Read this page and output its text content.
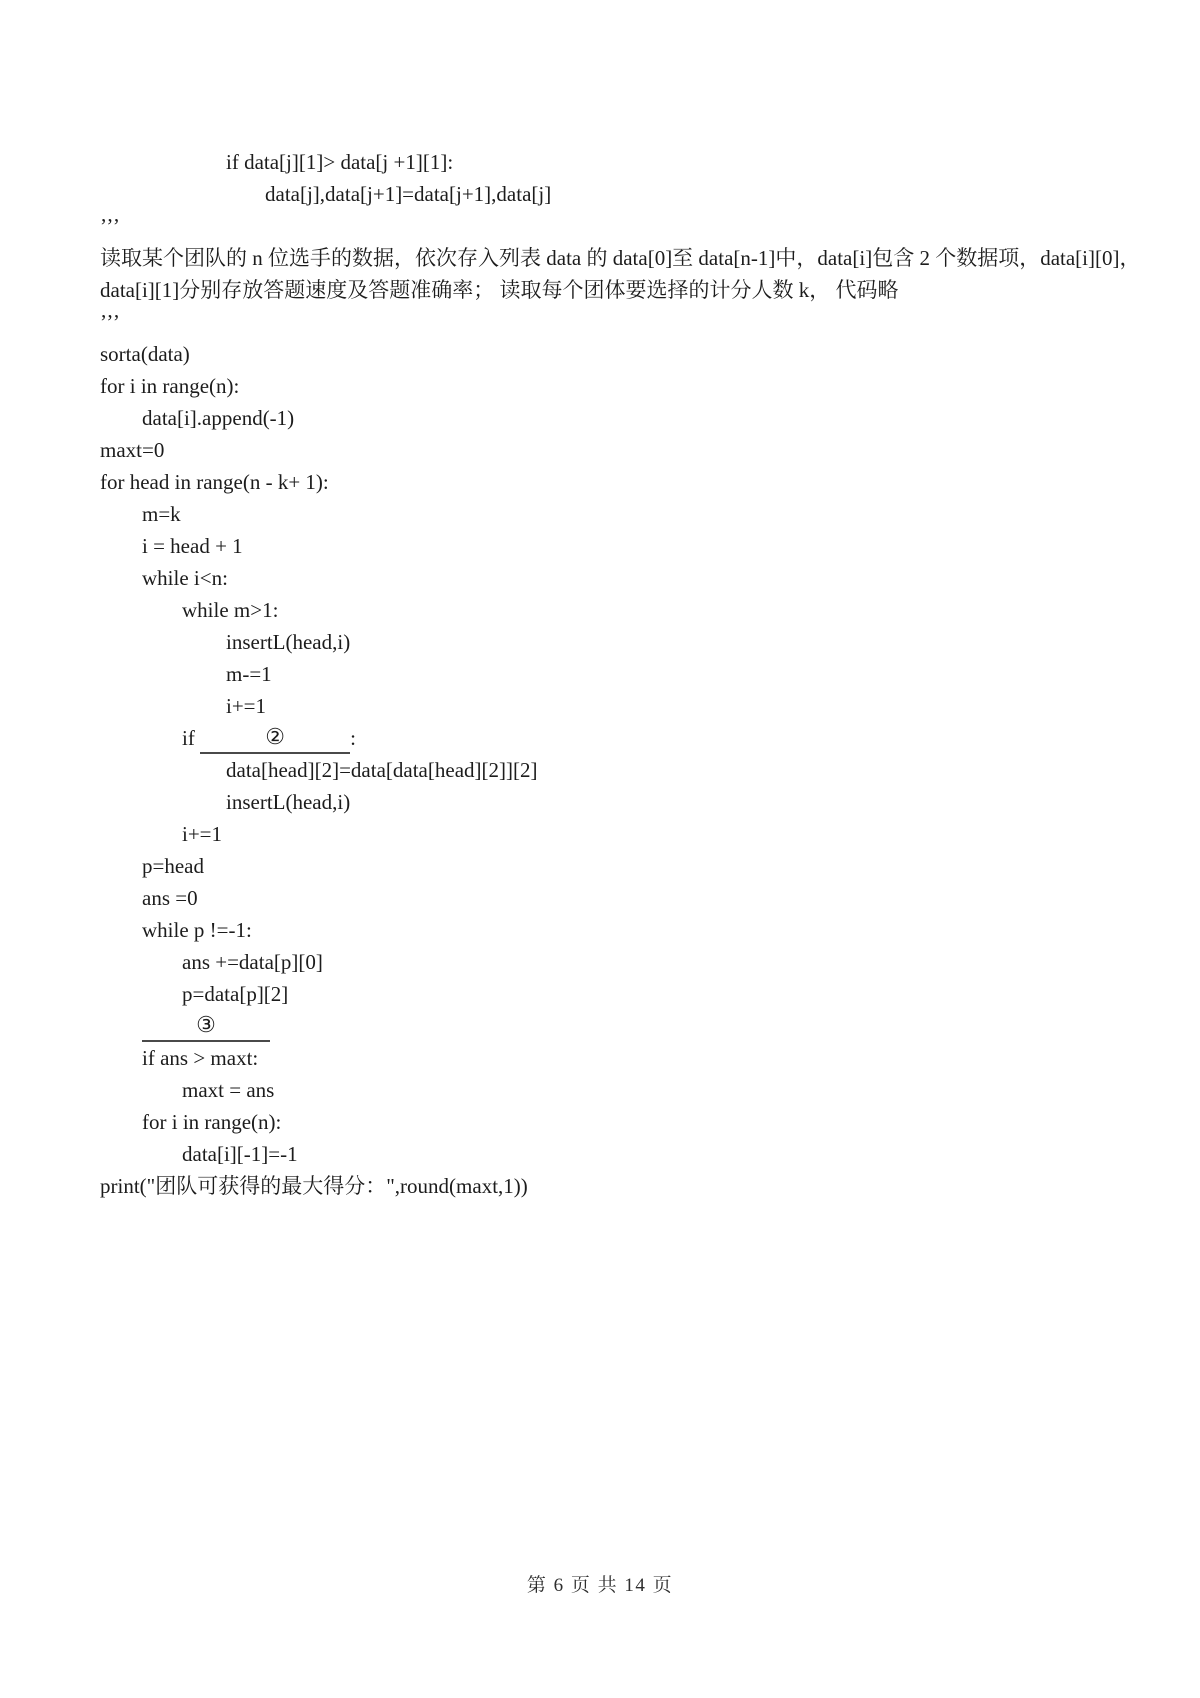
if data[j][1]> data[j +1][1]:
data[j],data[j+1]=data[j+1],data[j]
’’’
读取某个团队的 n 位选手的数据，依次存入列表 data 的 data[0]至 data[n-1]中，data[i]包含 2 个数据项，data[i][0]，
data[i][1]分别存放答题速度及答题准确率； 读取每个团体要选择的计分人数 k， 代码略
’’’
sorta(data)
for i in range(n):
data[i].append(-1)
maxt=0
for head in range(n - k+ 1):
m=k
i = head + 1
while i<n:
while m>1:
insertL(head,i)
m-=1
i+=1
if	②	:
data[head][2]=data[data[head][2]][2]
insertL(head,i)
i+=1
p=head
ans =0
while p !=-1:
ans +=data[p][0]
p=data[p][2]
③
if ans > maxt:
maxt = ans
for i in range(n):
data[i][-1]=-1
print("团队可获得的最大得分：",round(maxt,1))
第 6 页 共 14 页
